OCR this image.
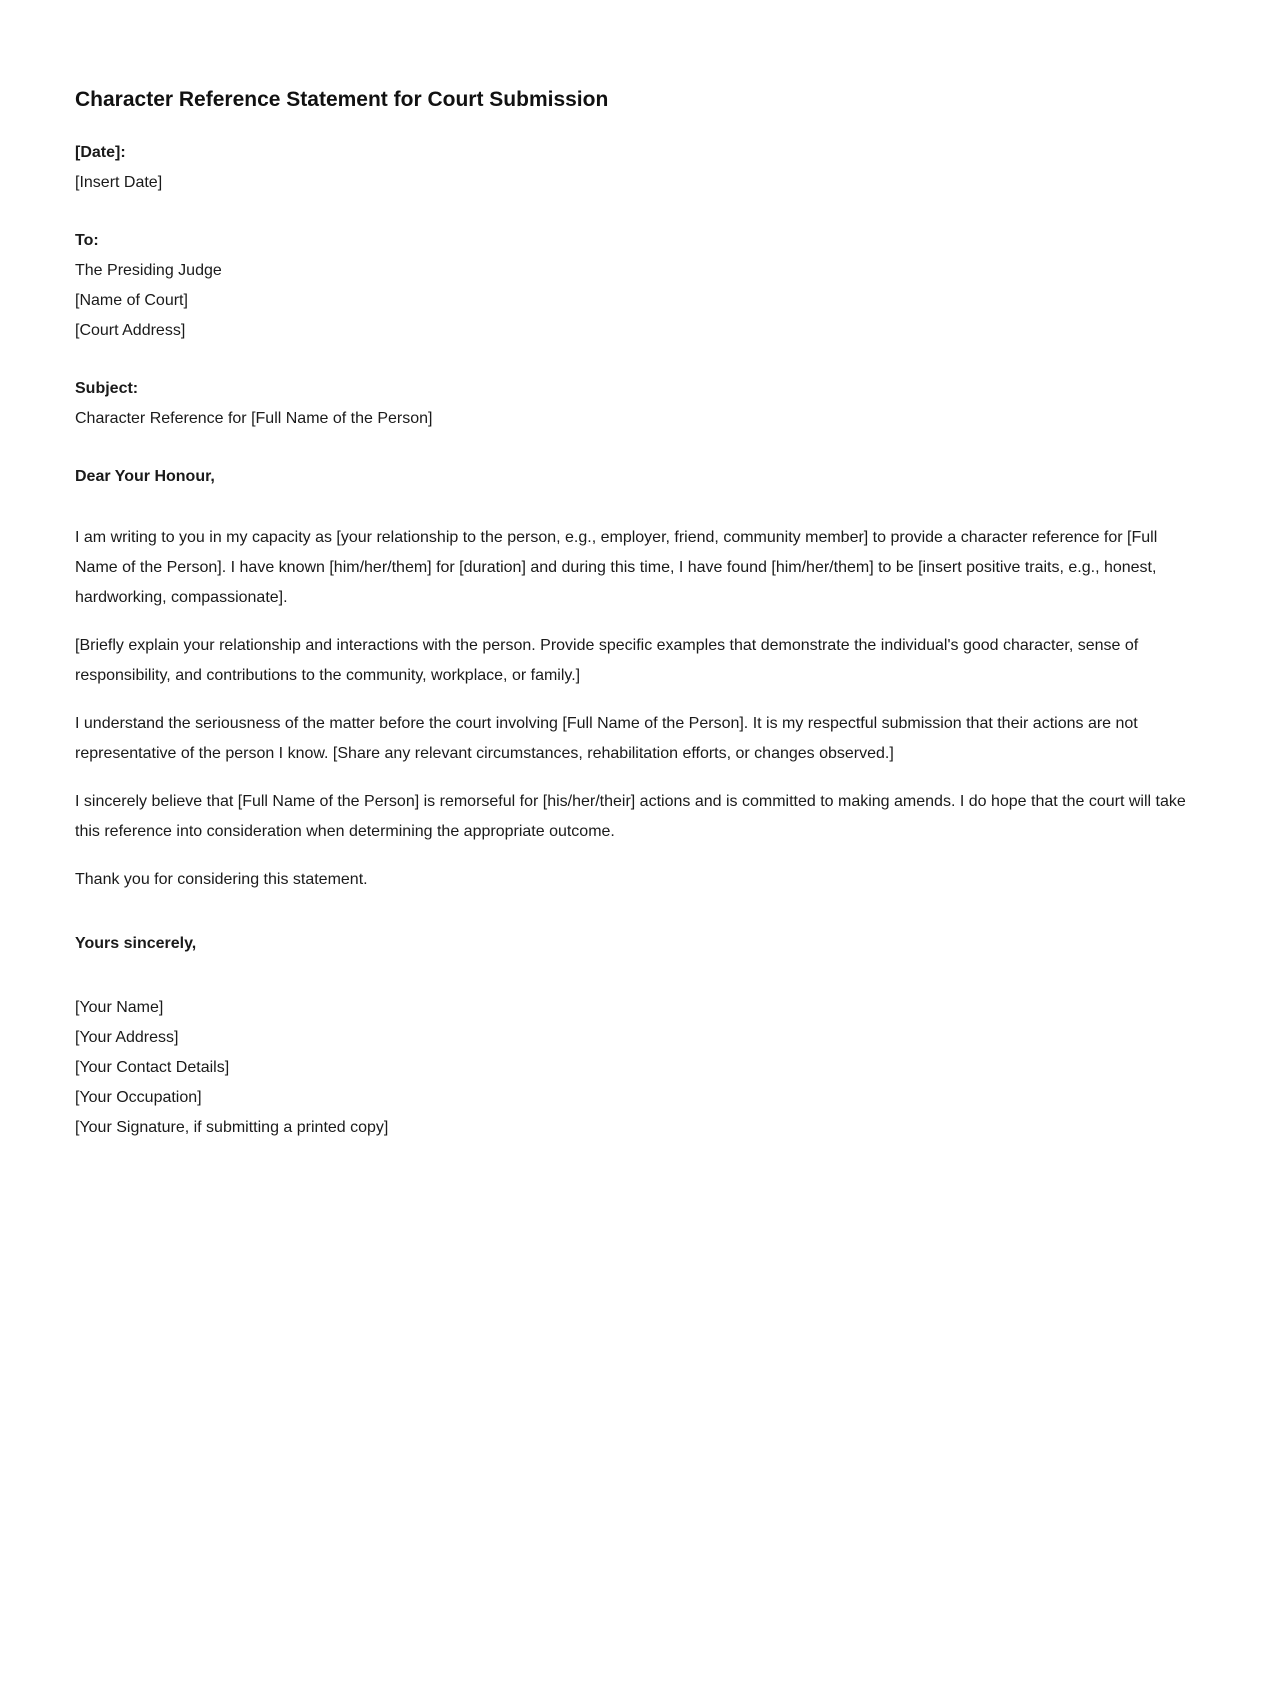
Character Reference Statement for Court Submission
[Date]:
[Insert Date]
To:
The Presiding Judge
[Name of Court]
[Court Address]
Subject:
Character Reference for [Full Name of the Person]

Dear Your Honour,

I am writing to you in my capacity as [your relationship to the person, e.g., employer, friend, community member] to provide a character reference for [Full Name of the Person]. I have known [him/her/them] for [duration] and during this time, I have found [him/her/them] to be [insert positive traits, e.g., honest, hardworking, compassionate].

[Briefly explain your relationship and interactions with the person. Provide specific examples that demonstrate the individual's good character, sense of responsibility, and contributions to the community, workplace, or family.]

I understand the seriousness of the matter before the court involving [Full Name of the Person]. It is my respectful submission that their actions are not representative of the person I know. [Share any relevant circumstances, rehabilitation efforts, or changes observed.]

I sincerely believe that [Full Name of the Person] is remorseful for [his/her/their] actions and is committed to making amends. I do hope that the court will take this reference into consideration when determining the appropriate outcome.

Thank you for considering this statement.

Yours sincerely,

[Your Name]
[Your Address]
[Your Contact Details]
[Your Occupation]
[Your Signature, if submitting a printed copy]
